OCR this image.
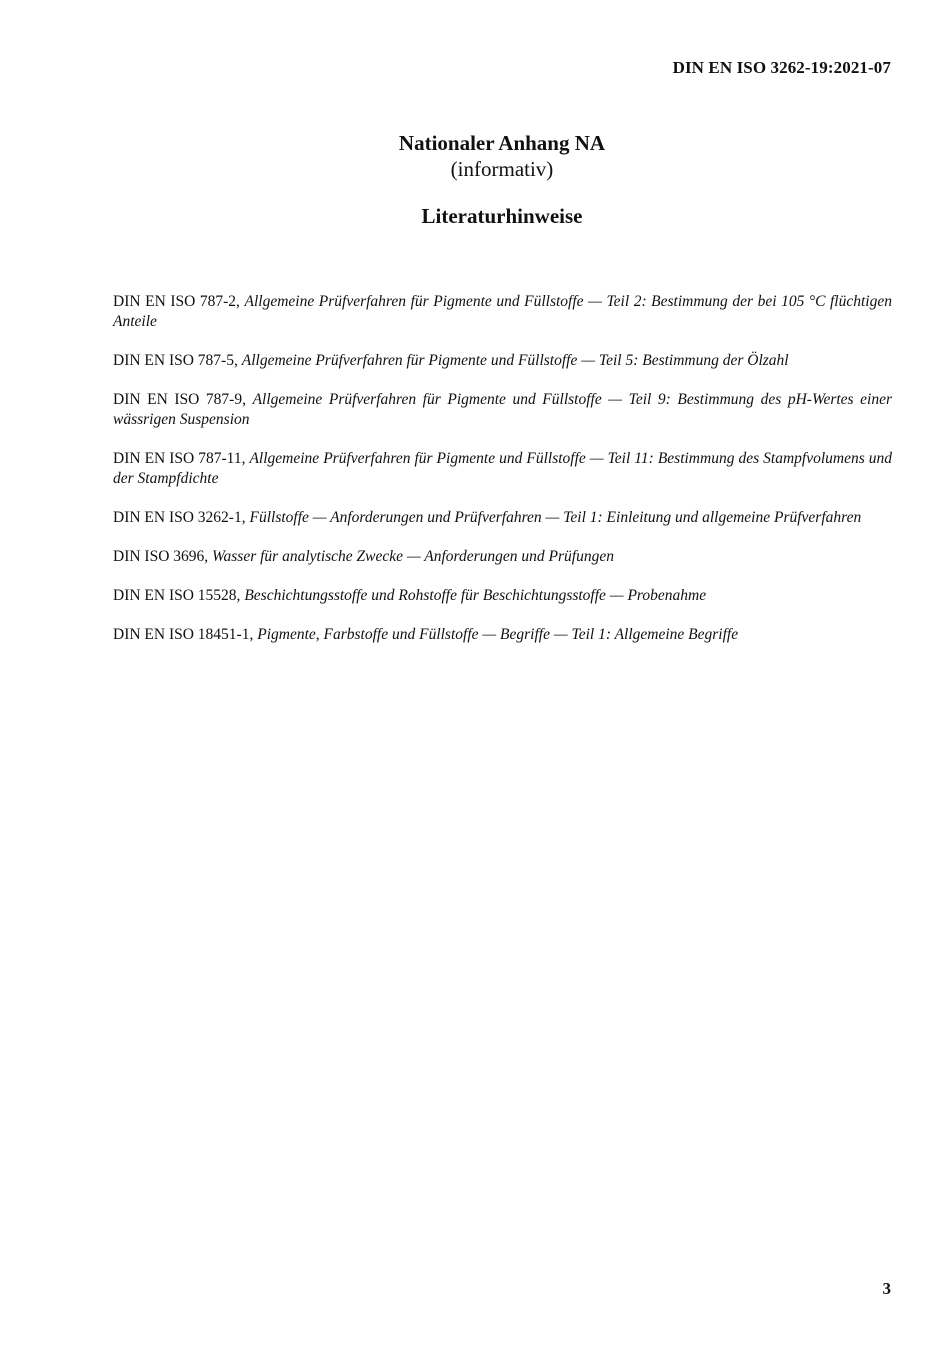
DIN EN ISO 3262-19:2021-07
Nationaler Anhang NA
(informativ)
Literaturhinweise
DIN EN ISO 787-2, Allgemeine Prüfverfahren für Pigmente und Füllstoffe — Teil 2: Bestimmung der bei 105 °C flüchtigen Anteile
DIN EN ISO 787-5, Allgemeine Prüfverfahren für Pigmente und Füllstoffe — Teil 5: Bestimmung der Ölzahl
DIN EN ISO 787-9, Allgemeine Prüfverfahren für Pigmente und Füllstoffe — Teil 9: Bestimmung des pH-Wertes einer wässrigen Suspension
DIN EN ISO 787-11, Allgemeine Prüfverfahren für Pigmente und Füllstoffe — Teil 11: Bestimmung des Stampfvolumens und der Stampfdichte
DIN EN ISO 3262-1, Füllstoffe — Anforderungen und Prüfverfahren — Teil 1: Einleitung und allgemeine Prüfverfahren
DIN ISO 3696, Wasser für analytische Zwecke — Anforderungen und Prüfungen
DIN EN ISO 15528, Beschichtungsstoffe und Rohstoffe für Beschichtungsstoffe — Probenahme
DIN EN ISO 18451-1, Pigmente, Farbstoffe und Füllstoffe — Begriffe — Teil 1: Allgemeine Begriffe
3
